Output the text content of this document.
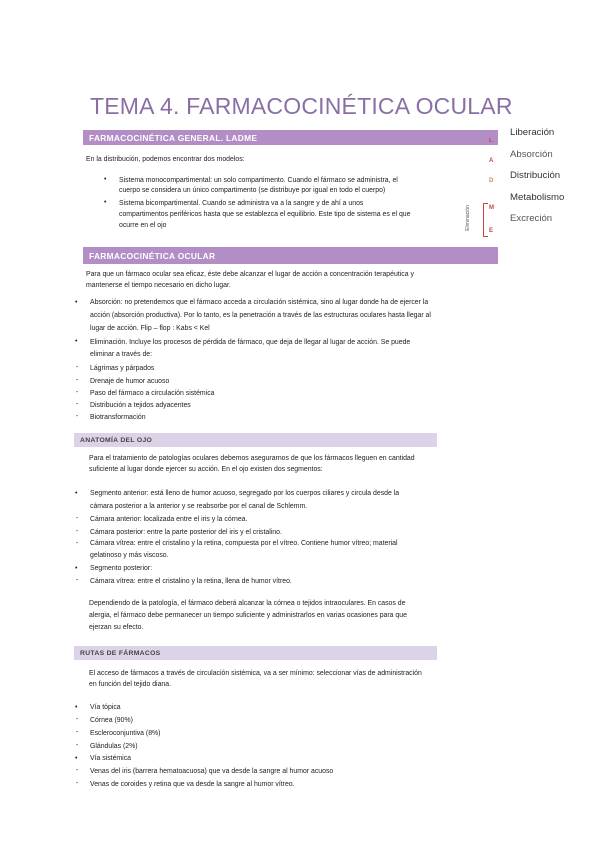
TEMA 4. FARMACOCINÉTICA OCULAR
FARMACOCINÉTICA GENERAL. LADME
En la distribución, podemos encontrar dos modelos:
• Sistema monocompartimental: un solo compartimento. Cuando el fármaco se administra, el
cuerpo se considera un único compartimento (se distribuye por igual en todo el cuerpo)
• Sistema bicompartimental. Cuando se administra va a la sangre y de ahí a unos
compartimentos periféricos hasta que se establezca el equilibrio. Este tipo de sistema es el que
ocurre en el ojo
L
A
D
M
E
Eliminación
Liberación
Absorción
Distribución
Metabolismo
Excreción
FARMACOCINÉTICA OCULAR
Para que un fármaco ocular sea eficaz, éste debe alcanzar el lugar de acción a concentración terapéutica y
mantenerse el tiempo necesario en dicho lugar.
• Absorción: no pretendemos que el fármaco acceda a circulación sistémica, sino al lugar donde ha de ejercer la
acción (absorción productiva). Por lo tanto, es la penetración a través de las estructuras oculares hasta llegar al
lugar de acción. Flip – flop : Kabs < Kel
• Eliminación. Incluye los procesos de pérdida de fármaco, que deja de llegar al lugar de acción. Se puede
eliminar a través de:
- Lágrimas y párpados
- Drenaje de humor acuoso
- Paso del fármaco a circulación sistémica
- Distribución a tejidos adyacentes
- Biotransformación
ANATOMÍA DEL OJO
Para el tratamiento de patologías oculares debemos asegurarnos de que los fármacos lleguen en cantidad
suficiente al lugar donde ejercer su acción. En el ojo existen dos segmentos:
• Segmento anterior: está lleno de humor acuoso, segregado por los cuerpos ciliares y circula desde la
cámara posterior a la anterior y se reabsorbe por el canal de Schlemm.
- Cámara anterior: localizada entre el iris y la córnea.
- Cámara posterior: entre la parte posterior del iris y el cristalino.
- Cámara vítrea: entre el cristalino y la retina, compuesta por el vítreo. Contiene humor vítreo; material
gelatinoso y más viscoso.
• Segmento posterior:
- Cámara vítrea: entre el cristalino y la retina, llena de humor vítreo.
Dependiendo de la patología, el fármaco deberá alcanzar la córnea o tejidos intraoculares. En casos de
alergia, el fármaco debe permanecer un tiempo suficiente y administrarlos en varias ocasiones para que
ejerzan su efecto.
RUTAS DE FÁRMACOS
El acceso de fármacos a través de circulación sistémica, va a ser mínimo: seleccionar vías de administración
en función del tejido diana.
• Vía tópica
- Córnea (90%)
- Escleroconjuntiva (8%)
- Glándulas (2%)
• Vía sistémica
- Venas del iris (barrera hematoacuosa) que va desde la sangre al humor acuoso
- Venas de coroides y retina que va desde la sangre al humor vítreo.
